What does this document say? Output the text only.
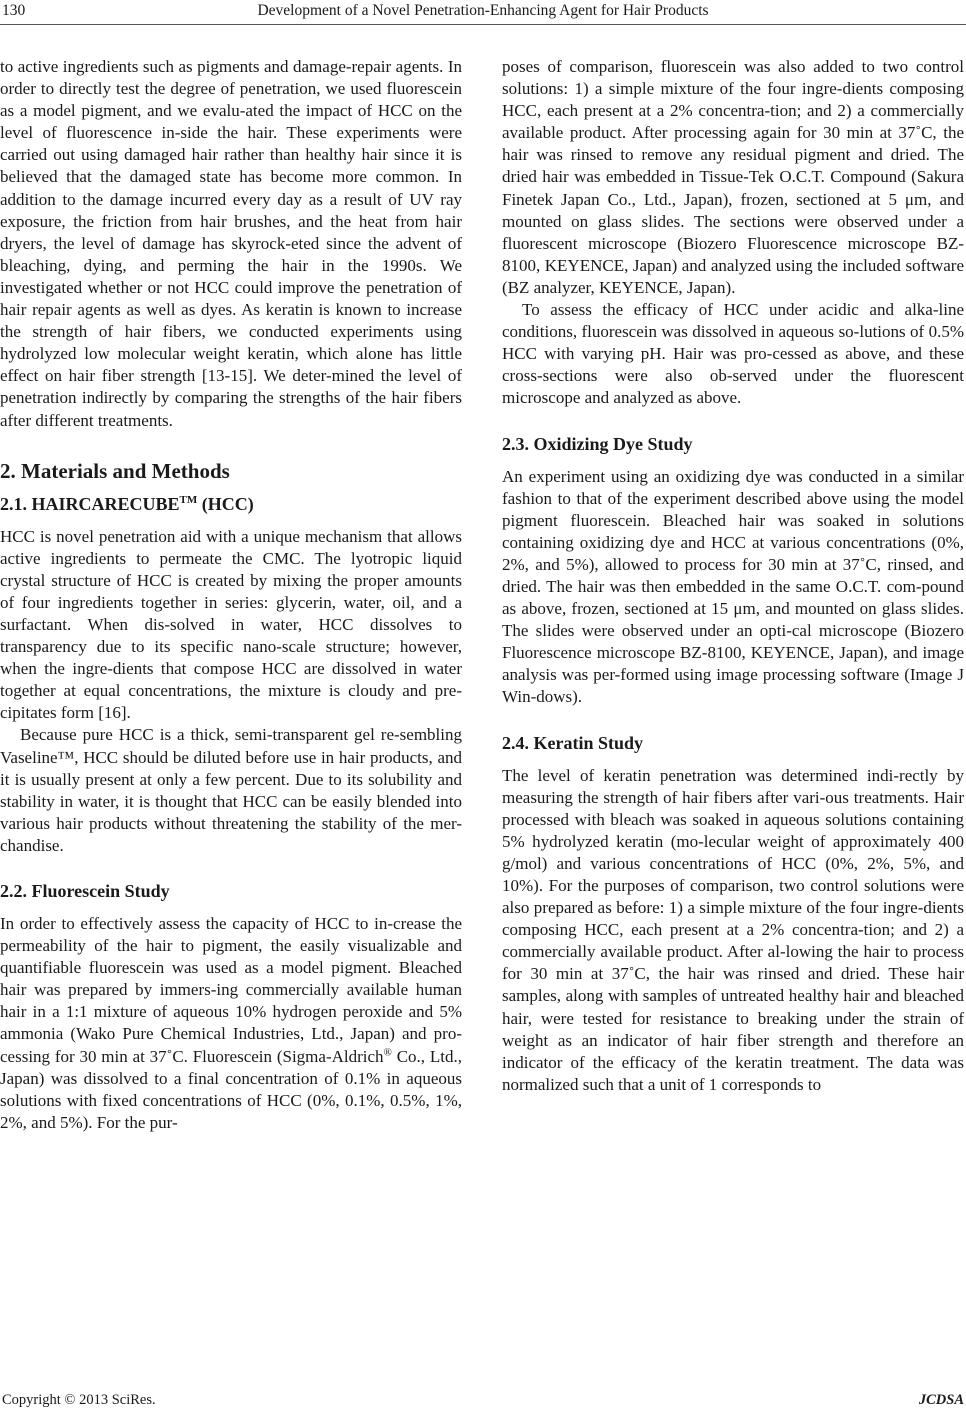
130	Development of a Novel Penetration-Enhancing Agent for Hair Products

to active ingredients such as pigments and damage-repair agents. In order to directly test the degree of penetration, we used fluorescein as a model pigment, and we evalu-ated the impact of HCC on the level of fluorescence in-side the hair. These experiments were carried out using damaged hair rather than healthy hair since it is believed that the damaged state has become more common. In addition to the damage incurred every day as a result of UV ray exposure, the friction from hair brushes, and the heat from hair dryers, the level of damage has skyrock-eted since the advent of bleaching, dying, and perming the hair in the 1990s. We investigated whether or not HCC could improve the penetration of hair repair agents as well as dyes. As keratin is known to increase the strength of hair fibers, we conducted experiments using hydrolyzed low molecular weight keratin, which alone has little effect on hair fiber strength [13-15]. We deter-mined the level of penetration indirectly by comparing the strengths of the hair fibers after different treatments.

2. Materials and Methods
2.1. HAIRCARECUBE™ (HCC)

HCC is novel penetration aid with a unique mechanism that allows active ingredients to permeate the CMC. The lyotropic liquid crystal structure of HCC is created by mixing the proper amounts of four ingredients together in series: glycerin, water, oil, and a surfactant. When dis-solved in water, HCC dissolves to transparency due to its specific nano-scale structure; however, when the ingre-dients that compose HCC are dissolved in water together at equal concentrations, the mixture is cloudy and pre-cipitates form [16].

Because pure HCC is a thick, semi-transparent gel re-sembling Vaseline™, HCC should be diluted before use in hair products, and it is usually present at only a few percent. Due to its solubility and stability in water, it is thought that HCC can be easily blended into various hair products without threatening the stability of the mer-chandise.

2.2. Fluorescein Study

In order to effectively assess the capacity of HCC to in-crease the permeability of the hair to pigment, the easily visualizable and quantifiable fluorescein was used as a model pigment. Bleached hair was prepared by immers-ing commercially available human hair in a 1:1 mixture of aqueous 10% hydrogen peroxide and 5% ammonia (Wako Pure Chemical Industries, Ltd., Japan) and pro-cessing for 30 min at 37˚C. Fluorescein (Sigma-Aldrich® Co., Ltd., Japan) was dissolved to a final concentration of 0.1% in aqueous solutions with fixed concentrations of HCC (0%, 0.1%, 0.5%, 1%, 2%, and 5%). For the pur-

poses of comparison, fluorescein was also added to two control solutions: 1) a simple mixture of the four ingre-dients composing HCC, each present at a 2% concentra-tion; and 2) a commercially available product. After processing again for 30 min at 37˚C, the hair was rinsed to remove any residual pigment and dried. The dried hair was embedded in Tissue-Tek O.C.T. Compound (Sakura Finetek Japan Co., Ltd., Japan), frozen, sectioned at 5 μm, and mounted on glass slides. The sections were observed under a fluorescent microscope (Biozero Fluorescence microscope BZ-8100, KEYENCE, Japan) and analyzed using the included software (BZ analyzer, KEYENCE, Japan).

To assess the efficacy of HCC under acidic and alka-line conditions, fluorescein was dissolved in aqueous so-lutions of 0.5% HCC with varying pH. Hair was pro-cessed as above, and these cross-sections were also ob-served under the fluorescent microscope and analyzed as above.

2.3. Oxidizing Dye Study

An experiment using an oxidizing dye was conducted in a similar fashion to that of the experiment described above using the model pigment fluorescein. Bleached hair was soaked in solutions containing oxidizing dye and HCC at various concentrations (0%, 2%, and 5%), allowed to process for 30 min at 37˚C, rinsed, and dried. The hair was then embedded in the same O.C.T. com-pound as above, frozen, sectioned at 15 μm, and mounted on glass slides. The slides were observed under an opti-cal microscope (Biozero Fluorescence microscope BZ-8100, KEYENCE, Japan), and image analysis was per-formed using image processing software (Image J Win-dows).

2.4. Keratin Study

The level of keratin penetration was determined indi-rectly by measuring the strength of hair fibers after vari-ous treatments. Hair processed with bleach was soaked in aqueous solutions containing 5% hydrolyzed keratin (mo-lecular weight of approximately 400 g/mol) and various concentrations of HCC (0%, 2%, 5%, and 10%). For the purposes of comparison, two control solutions were also prepared as before: 1) a simple mixture of the four ingre-dients composing HCC, each present at a 2% concentra-tion; and 2) a commercially available product. After al-lowing the hair to process for 30 min at 37˚C, the hair was rinsed and dried. These hair samples, along with samples of untreated healthy hair and bleached hair, were tested for resistance to breaking under the strain of weight as an indicator of hair fiber strength and therefore an indicator of the efficacy of the keratin treatment. The data was normalized such that a unit of 1 corresponds to

Copyright © 2013 SciRes.	JCDSA
